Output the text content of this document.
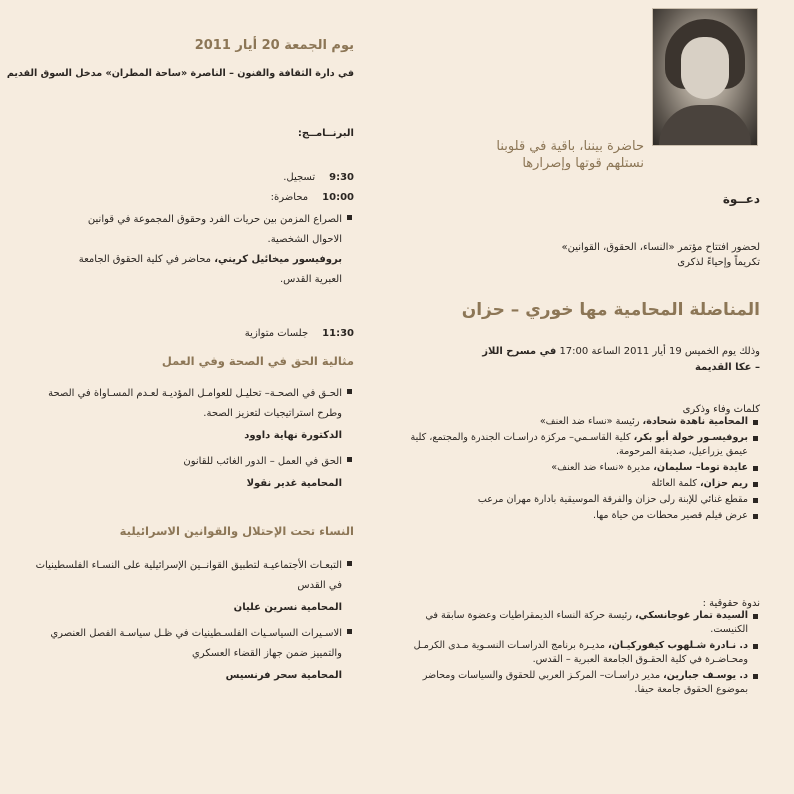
حاضرة بيننا، باقية في قلوبنا
نستلهم قوتها وإصرارها
دعــوة
لحضور افتتاح مؤتمر «النساء، الحقوق، القوانين»
تكريماً وإحياءً لذكرى
المناضلة المحامية مها خوري – حزان
وذلك يوم الخميس 19 أيار 2011 الساعة 17:00 في مسرح اللاز
– عكا القديمة
كلمات وفاء وذكرى
المحامية ناهدة شحادة، رئيسة «نساء ضد العنف»
بروفيسـور خولة أبو بكر، كلية القاسـمي– مركزة دراسـات الجندرة والمجتمع، كلية عيمق يزراعيل، صديقة المرحومة.
عايدة توما– سليمان، مديرة «نساء ضد العنف»
ريم حزان، كلمة العائلة
مقطع غنائي للإبنة رلى حزان والفرقة الموسيقية بادارة مهران مرعب
عرض فيلم قصير محطات من حياة مها.
ندوة حقوقية :
السيدة تمار غوجانسكي، رئيسة حركة النساء الديمقراطيات وعضوة سابقة في الكنيست.
د. نـادرة شـلهوب كيفوركيـان، مديـرة برنامج الدراسـات النسـوية مـدى الكرمـل ومحـاضـرة في كلية الحقـوق الجامعة العبرية – القدس.
د. يوسـف جبارين، مدير دراسـات– المركـز العربي للحقوق والسياسات ومحاضر بموضوع الحقوق جامعة حيفا.
يوم الجمعة 20 أيار 2011
في دارة الثقافة والفنون – الناصرة «ساحة المطران» مدخل السوق القديم
البرنــامــج:
9:30تسجيل.
10:00محاضرة:
الصراع المزمن بين حريات الفرد وحقوق المجموعة في قوانين الاحوال الشخصية.
بروفيسور ميخائيل كريني، محاضر في كلية الحقوق الجامعة العبرية القدس.
11:30جلسات متوازية
مثالية الحق في الصحة وفي العمل
الحـق في الصحـة– تحليـل للعوامـل المؤديـة لعـدم المسـاواة في الصحة وطرح استراتيجيات لتعزيز الصحة.
الدكتورة نهاية داوود
الحق في العمل – الدور الغائب للقانون
المحامية غدير نقولا
النساء تحت الإحتلال والقوانين الاسرائيلية
التبعـات الأجتماعيـة لتطبيق القوانــين الإسرائيلية على النسـاء الفلسطينيات في القدس
المحامية نسرين عليان
الاسـيرات السياسـيات الفلسـطينيات في ظـل سياسـة الفصل العنصري والتمييز ضمن جهاز القضاء العسكري
المحامية سحر فرنسيس
